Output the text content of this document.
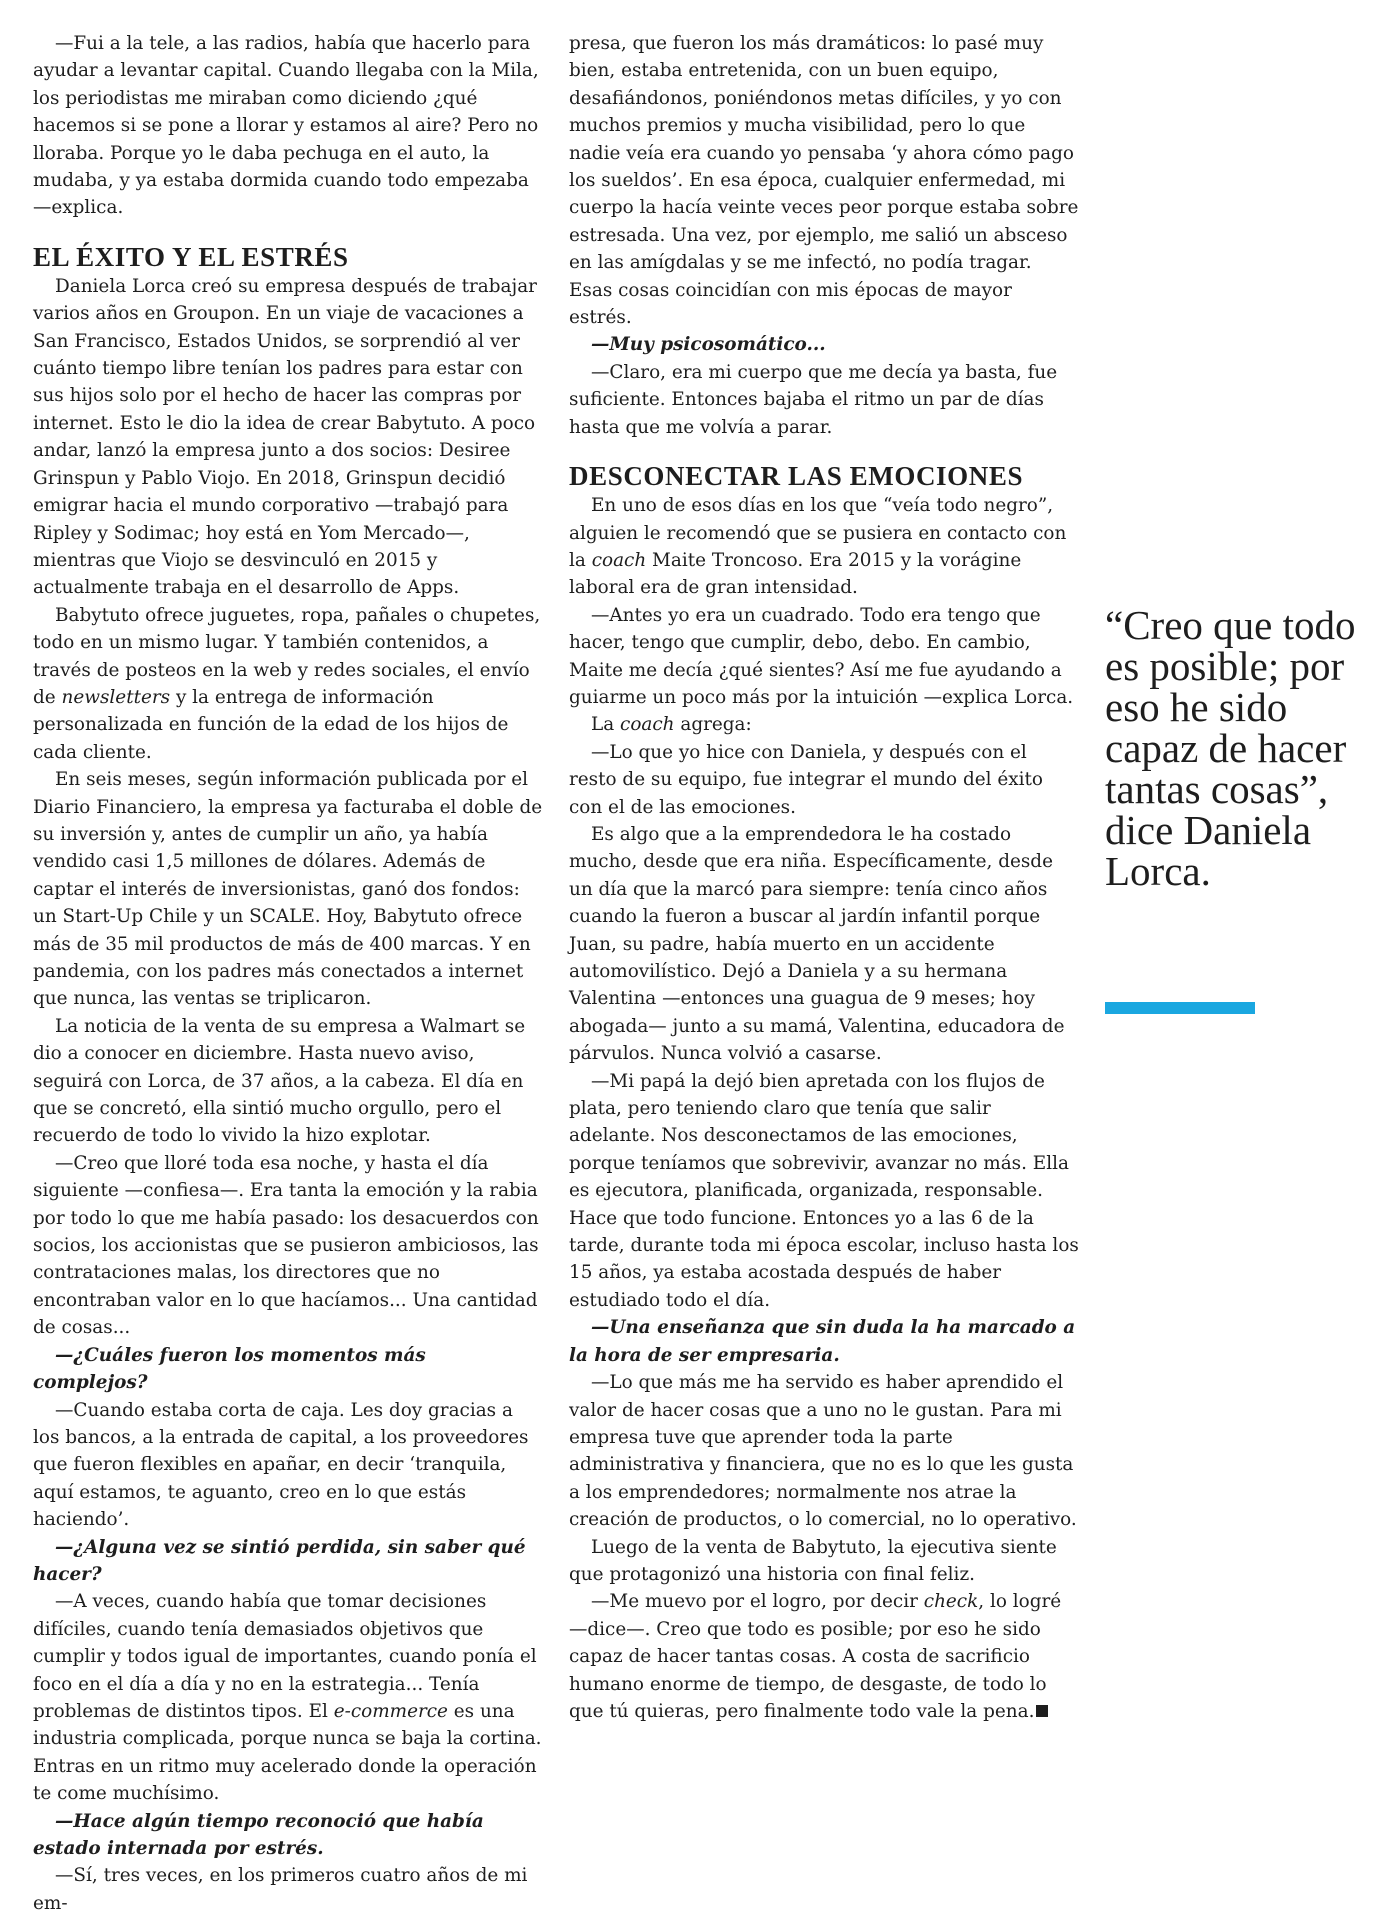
—Fui a la tele, a las radios, había que hacerlo para ayudar a levantar capital. Cuando llegaba con la Mila, los periodistas me miraban como diciendo ¿qué hacemos si se pone a llorar y estamos al aire? Pero no lloraba. Porque yo le daba pechuga en el auto, la mudaba, y ya estaba dormida cuando todo empezaba —explica.

EL ÉXITO Y EL ESTRÉS

Daniela Lorca creó su empresa después de trabajar varios años en Groupon. En un viaje de vacaciones a San Francisco, Estados Unidos, se sorprendió al ver cuánto tiempo libre tenían los padres para estar con sus hijos solo por el hecho de hacer las compras por internet. Esto le dio la idea de crear Babytuto. A poco andar, lanzó la empresa junto a dos socios: Desiree Grinspun y Pablo Viojo. En 2018, Grinspun decidió emigrar hacia el mundo corporativo —trabajó para Ripley y Sodimac; hoy está en Yom Mercado—, mientras que Viojo se desvinculó en 2015 y actualmente trabaja en el desarrollo de Apps.

Babytuto ofrece juguetes, ropa, pañales o chupetes, todo en un mismo lugar. Y también contenidos, a través de posteos en la web y redes sociales, el envío de newsletters y la entrega de información personalizada en función de la edad de los hijos de cada cliente.

En seis meses, según información publicada por el Diario Financiero, la empresa ya facturaba el doble de su inversión y, antes de cumplir un año, ya había vendido casi 1,5 millones de dólares. Además de captar el interés de inversionistas, ganó dos fondos: un Start-Up Chile y un SCALE. Hoy, Babytuto ofrece más de 35 mil productos de más de 400 marcas. Y en pandemia, con los padres más conectados a internet que nunca, las ventas se triplicaron.

La noticia de la venta de su empresa a Walmart se dio a conocer en diciembre. Hasta nuevo aviso, seguirá con Lorca, de 37 años, a la cabeza. El día en que se concretó, ella sintió mucho orgullo, pero el recuerdo de todo lo vivido la hizo explotar.

—Creo que lloré toda esa noche, y hasta el día siguiente —confiesa—. Era tanta la emoción y la rabia por todo lo que me había pasado: los desacuerdos con socios, los accionistas que se pusieron ambiciosos, las contrataciones malas, los directores que no encontraban valor en lo que hacíamos... Una cantidad de cosas...

—¿Cuáles fueron los momentos más complejos?

—Cuando estaba corta de caja. Les doy gracias a los bancos, a la entrada de capital, a los proveedores que fueron flexibles en apañar, en decir ‘tranquila, aquí estamos, te aguanto, creo en lo que estás haciendo’.

—¿Alguna vez se sintió perdida, sin saber qué hacer?

—A veces, cuando había que tomar decisiones difíciles, cuando tenía demasiados objetivos que cumplir y todos igual de importantes, cuando ponía el foco en el día a día y no en la estrategia... Tenía problemas de distintos tipos. El e-commerce es una industria complicada, porque nunca se baja la cortina. Entras en un ritmo muy acelerado donde la operación te come muchísimo.

—Hace algún tiempo reconoció que había estado internada por estrés.

—Sí, tres veces, en los primeros cuatro años de mi em-

presa, que fueron los más dramáticos: lo pasé muy bien, estaba entretenida, con un buen equipo, desafiándonos, poniéndonos metas difíciles, y yo con muchos premios y mucha visibilidad, pero lo que nadie veía era cuando yo pensaba ‘y ahora cómo pago los sueldos’. En esa época, cualquier enfermedad, mi cuerpo la hacía veinte veces peor porque estaba sobre estresada. Una vez, por ejemplo, me salió un absceso en las amígdalas y se me infectó, no podía tragar. Esas cosas coincidían con mis épocas de mayor estrés.

—Muy psicosomático...

—Claro, era mi cuerpo que me decía ya basta, fue suficiente. Entonces bajaba el ritmo un par de días hasta que me volvía a parar.

DESCONECTAR LAS EMOCIONES

En uno de esos días en los que “veía todo negro”, alguien le recomendó que se pusiera en contacto con la coach Maite Troncoso. Era 2015 y la vorágine laboral era de gran intensidad.

—Antes yo era un cuadrado. Todo era tengo que hacer, tengo que cumplir, debo, debo. En cambio, Maite me decía ¿qué sientes? Así me fue ayudando a guiarme un poco más por la intuición —explica Lorca.

La coach agrega:

—Lo que yo hice con Daniela, y después con el resto de su equipo, fue integrar el mundo del éxito con el de las emociones.

Es algo que a la emprendedora le ha costado mucho, desde que era niña. Específicamente, desde un día que la marcó para siempre: tenía cinco años cuando la fueron a buscar al jardín infantil porque Juan, su padre, había muerto en un accidente automovilístico. Dejó a Daniela y a su hermana Valentina —entonces una guagua de 9 meses; hoy abogada— junto a su mamá, Valentina, educadora de párvulos. Nunca volvió a casarse.

—Mi papá la dejó bien apretada con los flujos de plata, pero teniendo claro que tenía que salir adelante. Nos desconectamos de las emociones, porque teníamos que sobrevivir, avanzar no más. Ella es ejecutora, planificada, organizada, responsable. Hace que todo funcione. Entonces yo a las 6 de la tarde, durante toda mi época escolar, incluso hasta los 15 años, ya estaba acostada después de haber estudiado todo el día.

—Una enseñanza que sin duda la ha marcado a la hora de ser empresaria.

—Lo que más me ha servido es haber aprendido el valor de hacer cosas que a uno no le gustan. Para mi empresa tuve que aprender toda la parte administrativa y financiera, que no es lo que les gusta a los emprendedores; normalmente nos atrae la creación de productos, o lo comercial, no lo operativo.

Luego de la venta de Babytuto, la ejecutiva siente que protagonizó una historia con final feliz.

—Me muevo por el logro, por decir check, lo logré —dice—. Creo que todo es posible; por eso he sido capaz de hacer tantas cosas. A costa de sacrificio humano enorme de tiempo, de desgaste, de todo lo que tú quieras, pero finalmente todo vale la pena.

“Creo que todo es posible; por eso he sido capaz de hacer tantas cosas”, dice Daniela Lorca.
